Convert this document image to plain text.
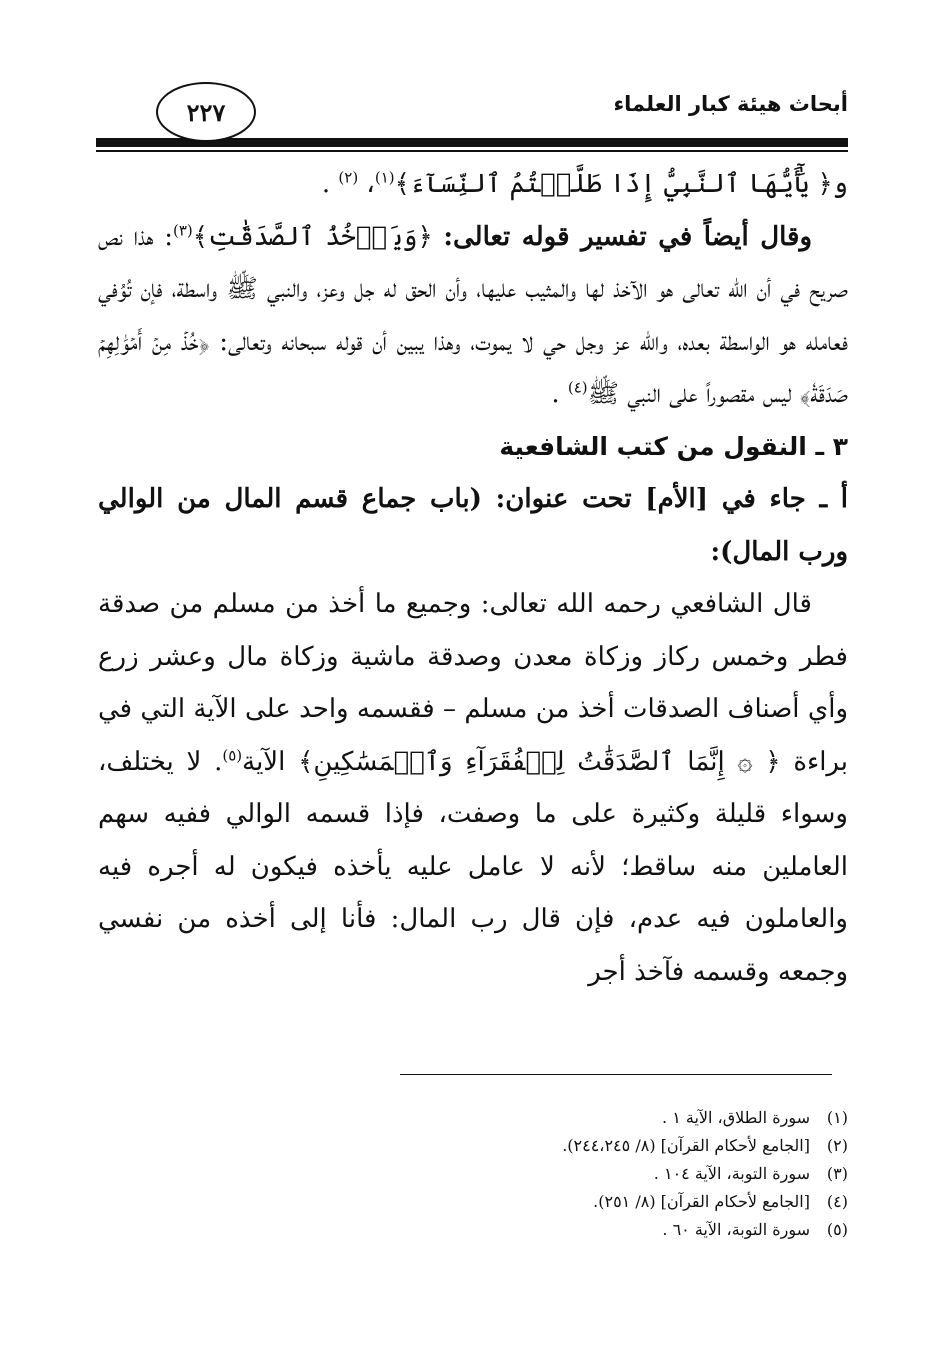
أبحاث هيئة كبار العلماء
٢٢٧

و﴿ يَٰٓأَيُّهَا ٱلنَّبِيُّ إِذَا طَلَّقۡتُمُ ٱلنِّسَآءَ﴾$^{(١)}$، $^{(٢)}$ .

وقال أيضاً في تفسير قوله تعالى: ﴿وَيَأۡخُذُ ٱلصَّدَقَٰتِ﴾$^{(٣)}$: هذا نص صريح في أن الله تعالى هو الآخذ لها والمثيب عليها، وأن الحق له جل وعز، والنبي ﷺ واسطة، فإن تُوُفي فعامله هو الواسطة بعده، والله عز وجل حي لا يموت، وهذا يبين أن قوله سبحانه وتعالى: ﴿خُذۡ مِنۡ أَمۡوَٰلِهِمۡ صَدَقَةٗ﴾ ليس مقصوراً على النبي ﷺ$^{(٤)}$ .

٣ ـ النقول من كتب الشافعية

أ ـ جاء في [الأم] تحت عنوان: (باب جماع قسم المال من الوالي ورب المال):

قال الشافعي رحمه الله تعالى: وجميع ما أخذ من مسلم من صدقة فطر وخمس ركاز وزكاة معدن وصدقة ماشية وزكاة مال وعشر زرع وأي أصناف الصدقات أخذ من مسلم – فقسمه واحد على الآية التي في براءة ﴿ ۞ إِنَّمَا ٱلصَّدَقَٰتُ لِلۡفُقَرَآءِ وَٱلۡمَسَٰكِينِ﴾ الآية$^{(٥)}$. لا يختلف، وسواء قليلة وكثيرة على ما وصفت، فإذا قسمه الوالي ففيه سهم العاملين منه ساقط؛ لأنه لا عامل عليه يأخذه فيكون له أجره فيه والعاملون فيه عدم، فإن قال رب المال: فأنا إلى أخذه من نفسي وجمعه وقسمه فآخذ أجر

(١)
سورة الطلاق، الآية ١ .
(٢)
[الجامع لأحكام القرآن] (٨/ ٢٤٤،٢٤٥).
(٣)
سورة التوبة، الآية ١٠٤ .
(٤)
[الجامع لأحكام القرآن] (٨/ ٢٥١).
(٥)
سورة التوبة، الآية ٦٠ .
